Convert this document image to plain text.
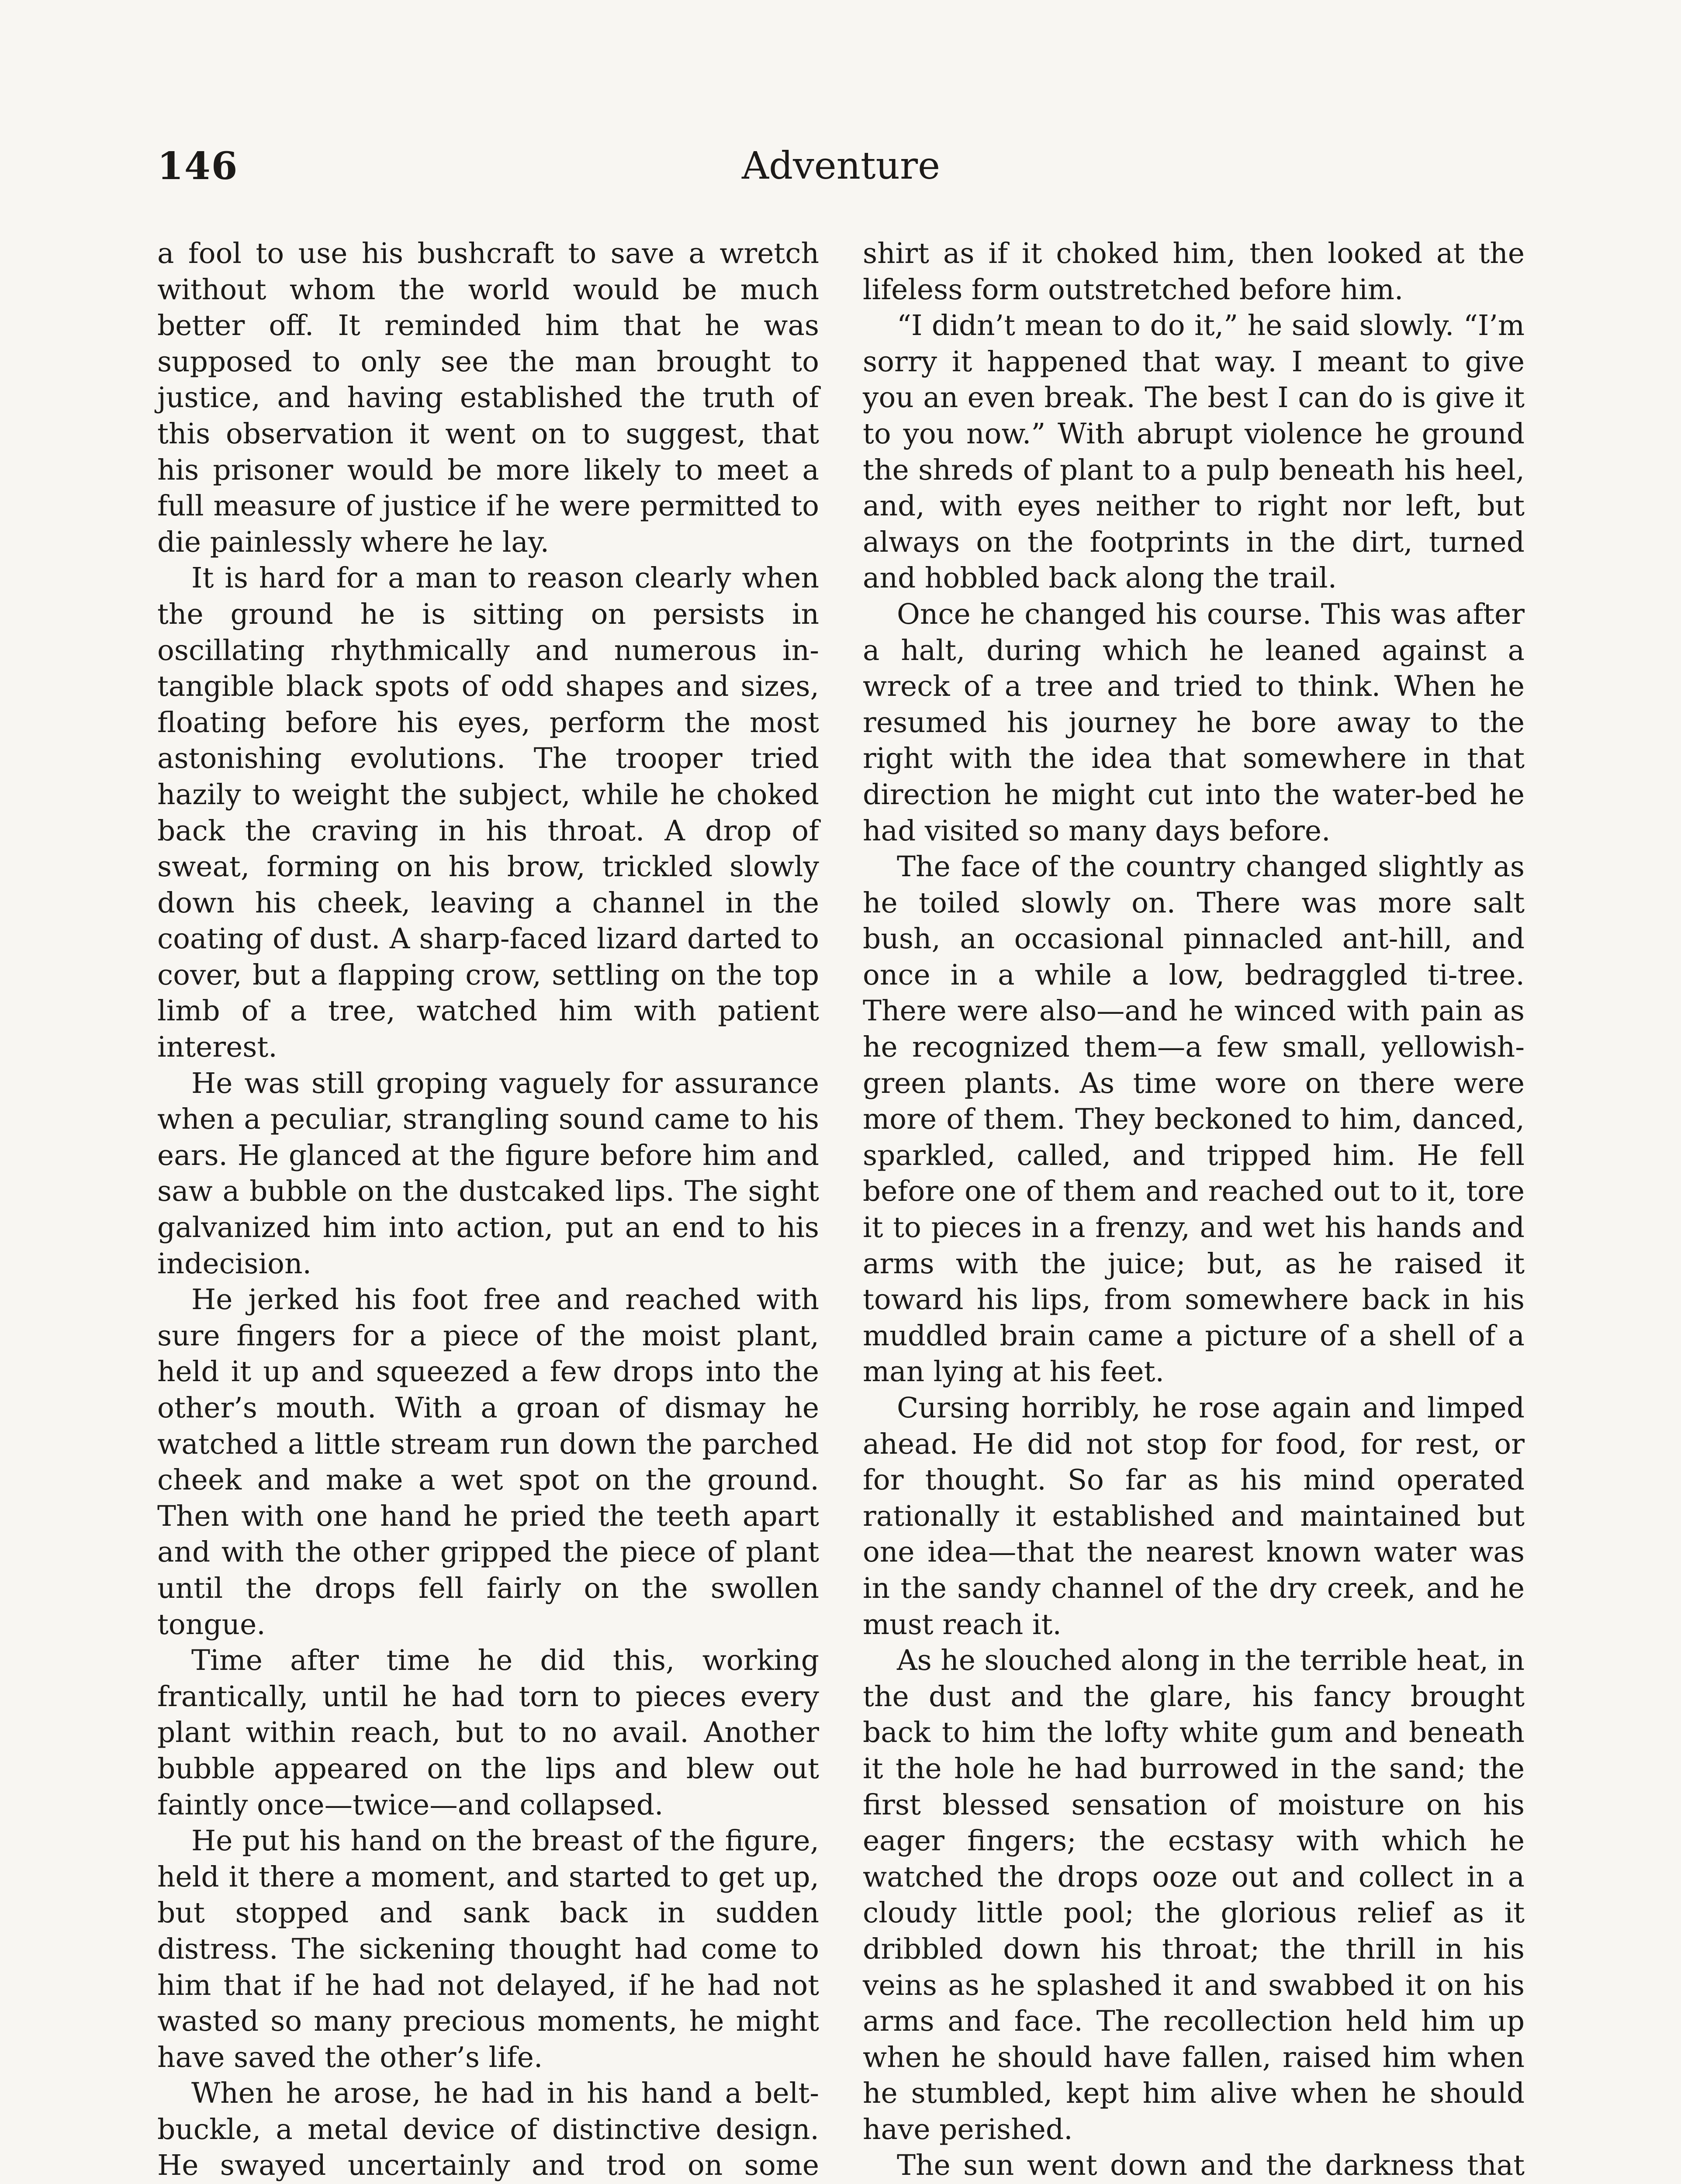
146	Adventure

a fool to use his bushcraft to save a wretch without whom the world would be much better off. It reminded him that he was supposed to only see the man brought to justice, and having established the truth of this observation it went on to suggest, that his prisoner would be more likely to meet a full measure of justice if he were permitted to die painlessly where he lay.

It is hard for a man to reason clearly when the ground he is sitting on persists in oscillating rhythmically and numerous intangible black spots of odd shapes and sizes, floating before his eyes, perform the most astonishing evolutions. The trooper tried hazily to weight the subject, while he choked back the craving in his throat. A drop of sweat, forming on his brow, trickled slowly down his cheek, leaving a channel in the coating of dust. A sharp-faced lizard darted to cover, but a flapping crow, settling on the top limb of a tree, watched him with patient interest.

He was still groping vaguely for assurance when a peculiar, strangling sound came to his ears. He glanced at the figure before him and saw a bubble on the dustcaked lips. The sight galvanized him into action, put an end to his indecision.

He jerked his foot free and reached with sure fingers for a piece of the moist plant, held it up and squeezed a few drops into the other’s mouth. With a groan of dismay he watched a little stream run down the parched cheek and make a wet spot on the ground. Then with one hand he pried the teeth apart and with the other gripped the piece of plant until the drops fell fairly on the swollen tongue.

Time after time he did this, working frantically, until he had torn to pieces every plant within reach, but to no avail. Another bubble appeared on the lips and blew out faintly once—twice—and collapsed.

He put his hand on the breast of the figure, held it there a moment, and started to get up, but stopped and sank back in sudden distress. The sickening thought had come to him that if he had not delayed, if he had not wasted so many precious moments, he might have saved the other’s life.

When he arose, he had in his hand a belt-buckle, a metal device of distinctive design. He swayed uncertainly and trod on some

shirt as if it choked him, then looked at the lifeless form outstretched before him.

“I didn’t mean to do it,” he said slowly. “I’m sorry it happened that way. I meant to give you an even break. The best I can do is give it to you now.” With abrupt violence he ground the shreds of plant to a pulp beneath his heel, and, with eyes neither to right nor left, but always on the footprints in the dirt, turned and hobbled back along the trail.

Once he changed his course. This was after a halt, during which he leaned against a wreck of a tree and tried to think. When he resumed his journey he bore away to the right with the idea that somewhere in that direction he might cut into the water-bed he had visited so many days before.

The face of the country changed slightly as he toiled slowly on. There was more salt bush, an occasional pinnacled ant-hill, and once in a while a low, bedraggled ti-tree. There were also—and he winced with pain as he recognized them—a few small, yellowish-green plants. As time wore on there were more of them. They beckoned to him, danced, sparkled, called, and tripped him. He fell before one of them and reached out to it, tore it to pieces in a frenzy, and wet his hands and arms with the juice; but, as he raised it toward his lips, from somewhere back in his muddled brain came a picture of a shell of a man lying at his feet.

Cursing horribly, he rose again and limped ahead. He did not stop for food, for rest, or for thought. So far as his mind operated rationally it established and maintained but one idea—that the nearest known water was in the sandy channel of the dry creek, and he must reach it.

As he slouched along in the terrible heat, in the dust and the glare, his fancy brought back to him the lofty white gum and beneath it the hole he had burrowed in the sand; the first blessed sensation of moisture on his eager fingers; the ecstasy with which he watched the drops ooze out and collect in a cloudy little pool; the glorious relief as it dribbled down his throat; the thrill in his veins as he splashed it and swabbed it on his arms and face. The recollection held him up when he should have fallen, raised him when he stumbled, kept him alive when he should have perished.

The sun went down and the darkness that
